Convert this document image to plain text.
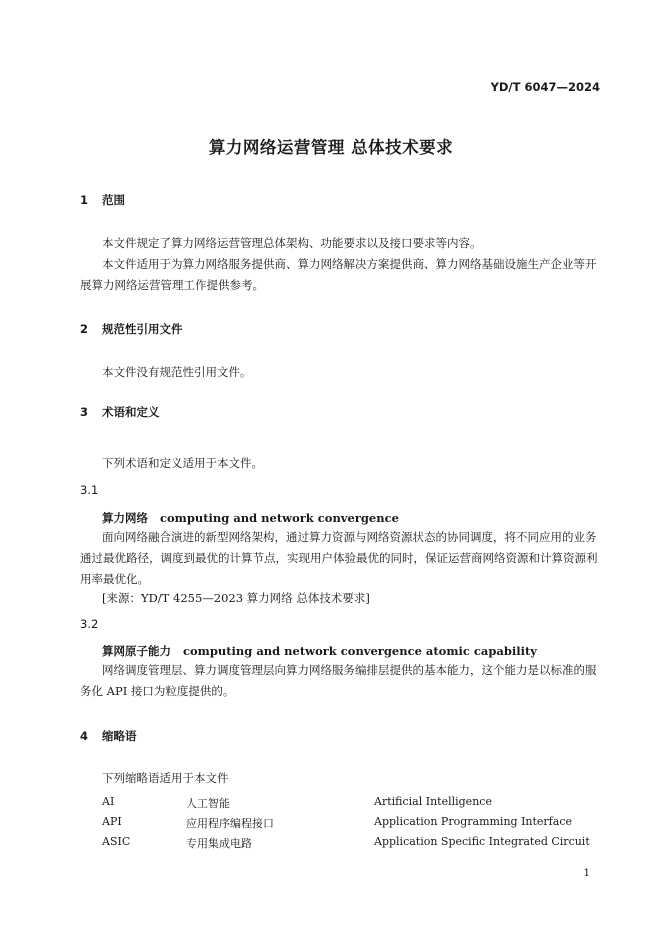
YD/T 6047—2024
算力网络运营管理 总体技术要求
1 范围
本文件规定了算力网络运营管理总体架构、功能要求以及接口要求等内容。
本文件适用于为算力网络服务提供商、算力网络解决方案提供商、算力网络基础设施生产企业等开展算力网络运营管理工作提供参考。
2 规范性引用文件
本文件没有规范性引用文件。
3 术语和定义
下列术语和定义适用于本文件。
3.1
算力网络 computing and network convergence
面向网络融合演进的新型网络架构，通过算力资源与网络资源状态的协同调度，将不同应用的业务通过最优路径，调度到最优的计算节点，实现用户体验最优的同时，保证运营商网络资源和计算资源利用率最优化。
[来源：YD/T 4255—2023 算力网络 总体技术要求]
3.2
算网原子能力 computing and network convergence atomic capability
网络调度管理层、算力调度管理层向算力网络服务编排层提供的基本能力，这个能力是以标准的服务化 API 接口为粒度提供的。
4 缩略语
下列缩略语适用于本文件
AI	人工智能	Artificial Intelligence
API	应用程序编程接口	Application Programming Interface
ASIC	专用集成电路	Application Specific Integrated Circuit
1
